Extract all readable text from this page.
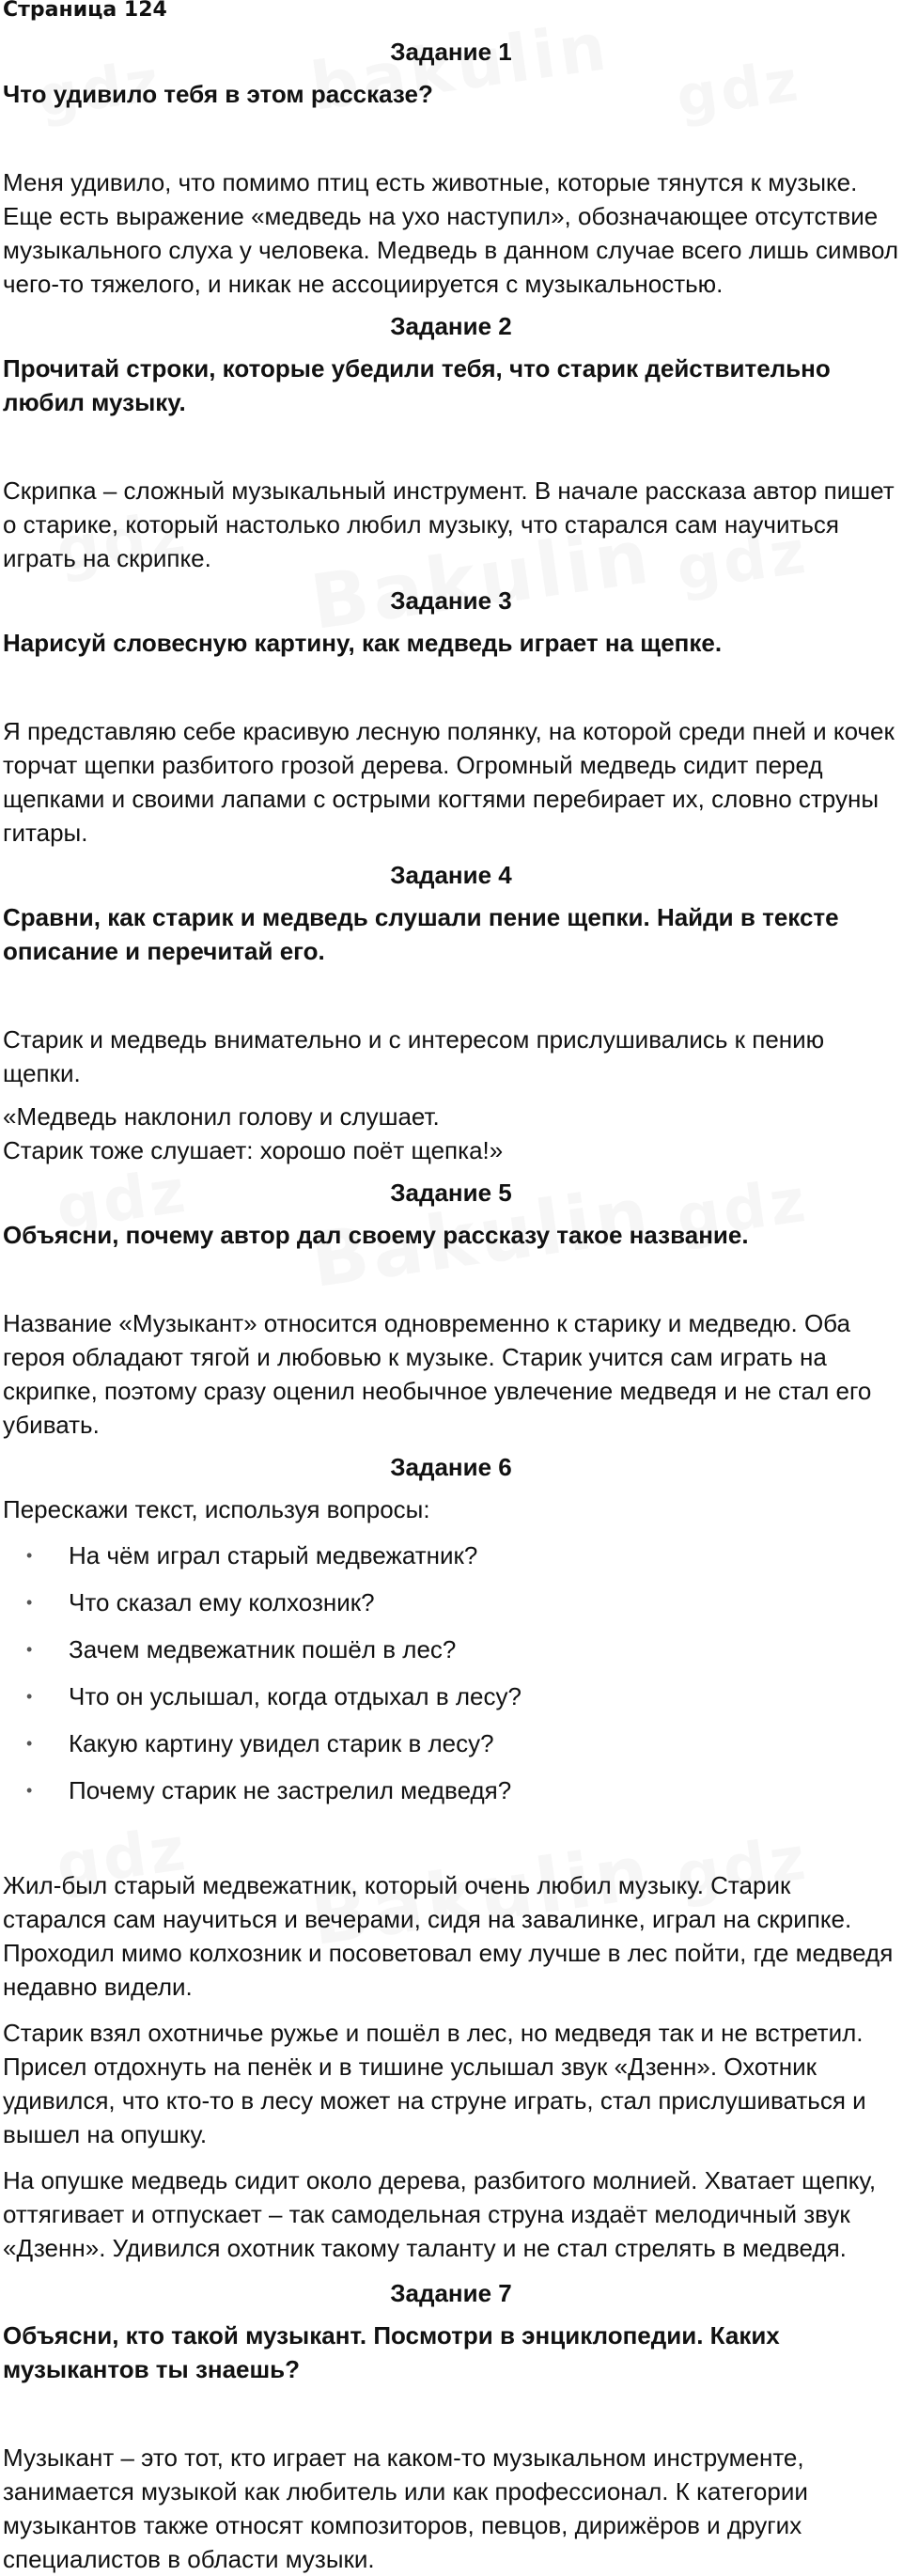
Страница 124
Задание 1
Что удивило тебя в этом рассказе?

Меня удивило, что помимо птиц есть животные, которые тянутся к музыке. Еще есть выражение «медведь на ухо наступил», обозначающее отсутствие музыкального слуха у человека. Медведь в данном случае всего лишь символ чего-то тяжелого, и никак не ассоциируется с музыкальностью.

Задание 2
Прочитай строки, которые убедили тебя, что старик действительно любил музыку.

Скрипка – сложный музыкальный инструмент. В начале рассказа автор пишет о старике, который настолько любил музыку, что старался сам научиться играть на скрипке.

Задание 3
Нарисуй словесную картину, как медведь играет на щепке.

Я представляю себе красивую лесную полянку, на которой среди пней и кочек торчат щепки разбитого грозой дерева. Огромный медведь сидит перед щепками и своими лапами с острыми когтями перебирает их, словно струны гитары.

Задание 4
Сравни, как старик и медведь слушали пение щепки. Найди в тексте описание и перечитай его.

Старик и медведь внимательно и с интересом прислушивались к пению щепки.

«Медведь наклонил голову и слушает.

Старик тоже слушает: хорошо поёт щепка!»

Задание 5
Объясни, почему автор дал своему рассказу такое название.

Название «Музыкант» относится одновременно к старику и медведю. Оба героя обладают тягой и любовью к музыке. Старик учится сам играть на скрипке, поэтому сразу оценил необычное увлечение медведя и не стал его убивать.

Задание 6
Перескажи текст, используя вопросы:
• На чём играл старый медвежатник?
• Что сказал ему колхозник?
• Зачем медвежатник пошёл в лес?
• Что он услышал, когда отдыхал в лесу?
• Какую картину увидел старик в лесу?
• Почему старик не застрелил медведя?

Жил-был старый медвежатник, который очень любил музыку. Старик старался сам научиться и вечерами, сидя на завалинке, играл на скрипке. Проходил мимо колхозник и посоветовал ему лучше в лес пойти, где медведя недавно видели.

Старик взял охотничье ружье и пошёл в лес, но медведя так и не встретил. Присел отдохнуть на пенёк и в тишине услышал звук «Дзенн». Охотник удивился, что кто-то в лесу может на струне играть, стал прислушиваться и вышел на опушку.

На опушке медведь сидит около дерева, разбитого молнией. Хватает щепку, оттягивает и отпускает – так самодельная струна издаёт мелодичный звук «Дзенн». Удивился охотник такому таланту и не стал стрелять в медведя.

Задание 7
Объясни, кто такой музыкант. Посмотри в энциклопедии. Каких музыкантов ты знаешь?

Музыкант – это тот, кто играет на каком-то музыкальном инструменте, занимается музыкой как любитель или как профессионал. К категории музыкантов также относят композиторов, певцов, дирижёров и других специалистов в области музыки.
